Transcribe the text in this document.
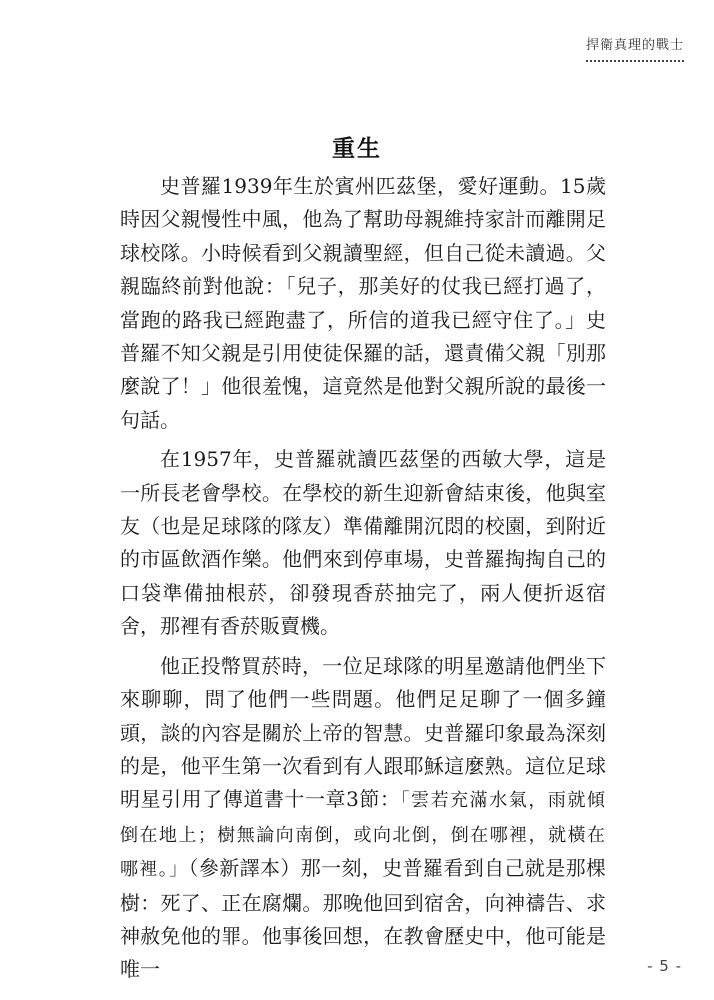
捍衛真理的戰士
重生

史普羅1939年生於賓州匹茲堡，愛好運動。15歲時因父親慢性中風，他為了幫助母親維持家計而離開足球校隊。小時候看到父親讀聖經，但自己從未讀過。父親臨終前對他說：「兒子，那美好的仗我已經打過了，當跑的路我已經跑盡了，所信的道我已經守住了。」史普羅不知父親是引用使徒保羅的話，還責備父親「別那麼說了！」他很羞愧，這竟然是他對父親所說的最後一句話。

在1957年，史普羅就讀匹茲堡的西敏大學，這是一所長老會學校。在學校的新生迎新會結束後，他與室友（也是足球隊的隊友）準備離開沉悶的校園，到附近的市區飲酒作樂。他們來到停車場，史普羅掏掏自己的口袋準備抽根菸，卻發現香菸抽完了，兩人便折返宿舍，那裡有香菸販賣機。

他正投幣買菸時，一位足球隊的明星邀請他們坐下來聊聊，問了他們一些問題。他們足足聊了一個多鐘頭，談的內容是關於上帝的智慧。史普羅印象最為深刻的是，他平生第一次看到有人跟耶穌這麼熟。這位足球明星引用了傳道書十一章3節：「雲若充滿水氣，雨就傾倒在地上；樹無論向南倒，或向北倒，倒在哪裡，就橫在哪裡。」（參新譯本）那一刻，史普羅看到自己就是那棵樹：死了、正在腐爛。那晚他回到宿舍，向神禱告、求神赦免他的罪。他事後回想，在教會歷史中，他可能是唯一	- 5 -
